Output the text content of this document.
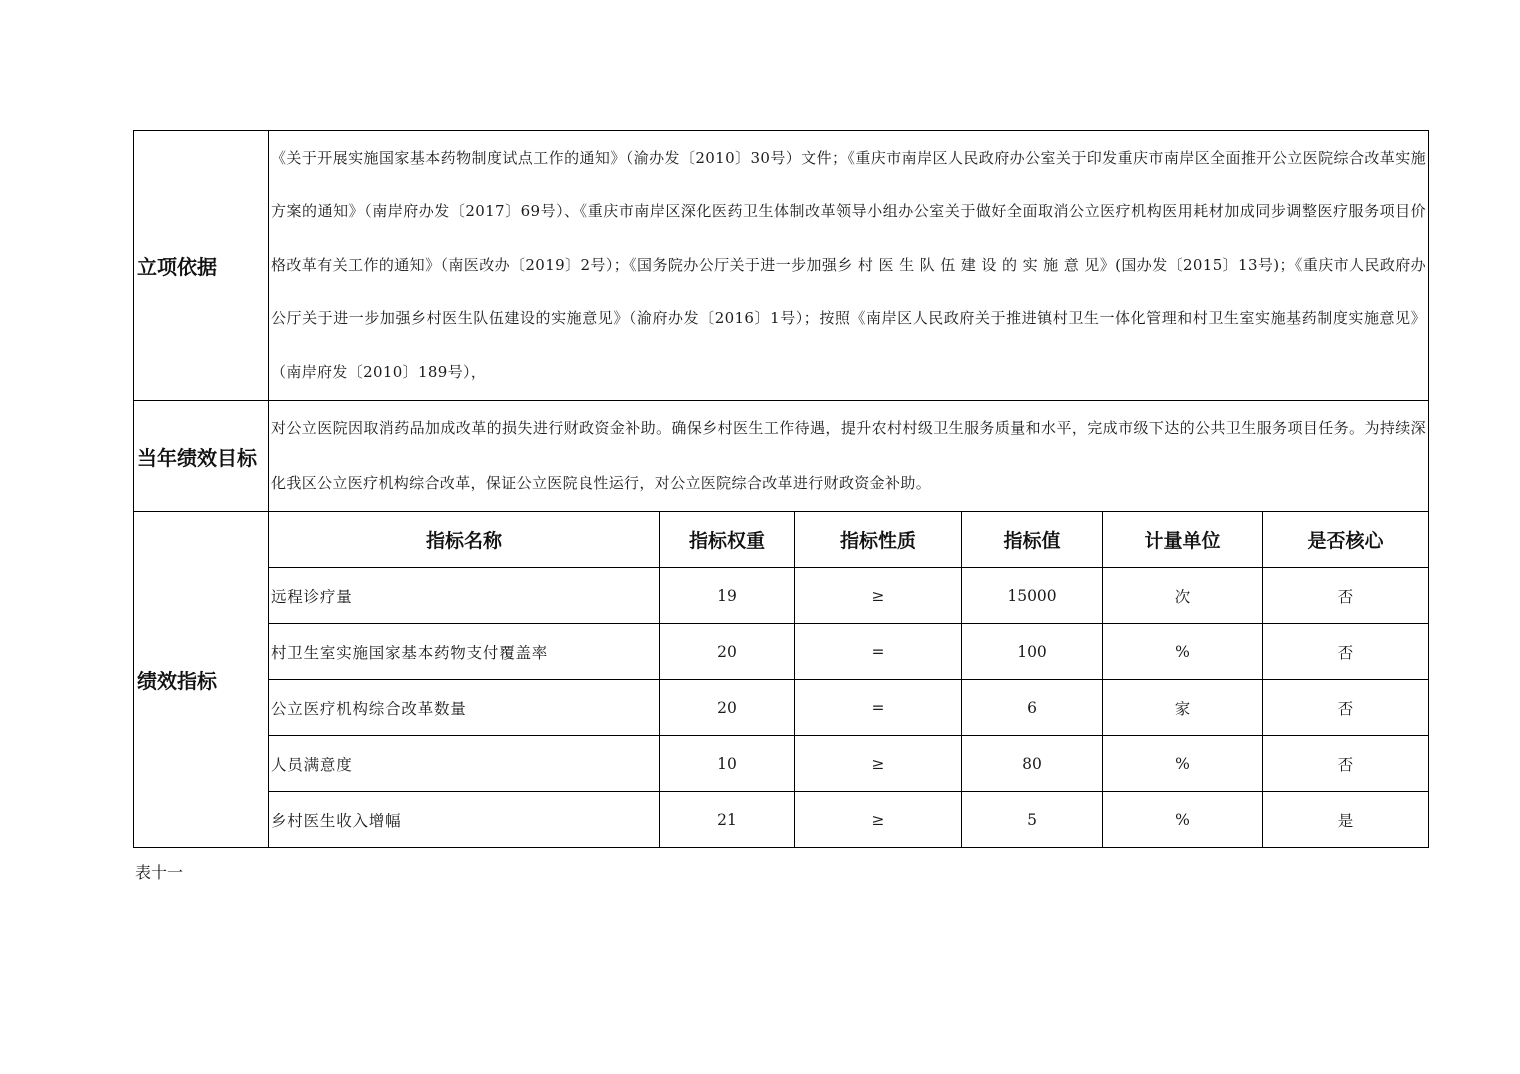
立项依据	《关于开展实施国家基本药物制度试点工作的通知》（渝办发〔2010〕30号）文件；《重庆市南岸区人民政府办公室关于印发重庆市南岸区全面推开公立医院综合改革实施方案的通知》（南岸府办发〔2017〕69号）、《重庆市南岸区深化医药卫生体制改革领导小组办公室关于做好全面取消公立医疗机构医用耗材加成同步调整医疗服务项目价格改革有关工作的通知》（南医改办〔2019〕2号）；《国务院办公厅关于进一步加强乡 村 医 生 队 伍 建 设 的 实 施 意 见》(国办发〔2015〕13号)；《重庆市人民政府办公厅关于进一步加强乡村医生队伍建设的实施意见》（渝府办发〔2016〕1号）；按照《南岸区人民政府关于推进镇村卫生一体化管理和村卫生室实施基药制度实施意见》（南岸府发〔2010〕189号），					

当年绩效目标	对公立医院因取消药品加成改革的损失进行财政资金补助。确保乡村医生工作待遇，提升农村村级卫生服务质量和水平，完成市级下达的公共卫生服务项目任务。为持续深化我区公立医疗机构综合改革，保证公立医院良性运行，对公立医院综合改革进行财政资金补助。					

绩效指标	指标名称	指标权重	指标性质	指标值	计量单位	是否核心
	远程诊疗量	19	≥	15000	次	否
	村卫生室实施国家基本药物支付覆盖率	20	=	100	%	否
	公立医疗机构综合改革数量	20	=	6	家	否
	人员满意度	10	≥	80	%	否
	乡村医生收入增幅	21	≥	5	%	是
表十一
